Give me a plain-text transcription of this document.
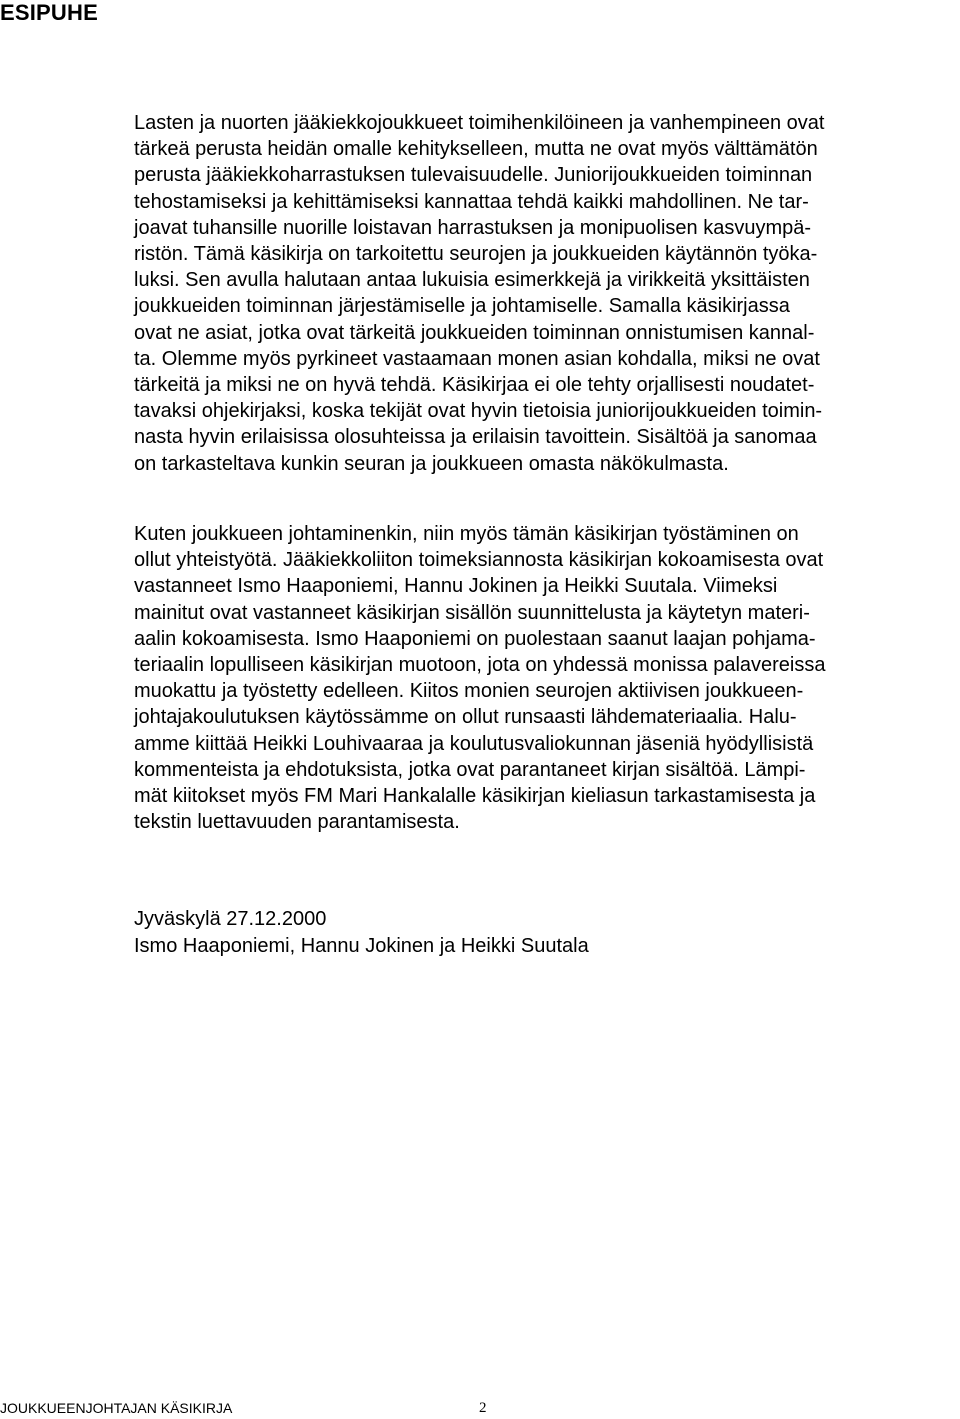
ESIPUHE
Lasten ja nuorten jääkiekkojoukkueet toimihenkilöineen ja vanhempineen ovat
tärkeä perusta heidän omalle kehitykselleen, mutta ne ovat myös välttämätön
perusta jääkiekkoharrastuksen tulevaisuudelle. Juniorijoukkueiden toiminnan
tehostamiseksi ja kehittämiseksi kannattaa tehdä kaikki mahdollinen. Ne tar-
joavat tuhansille nuorille loistavan harrastuksen ja monipuolisen kasvuympä-
ristön. Tämä käsikirja on tarkoitettu seurojen ja joukkueiden käytännön työka-
luksi. Sen avulla halutaan antaa lukuisia esimerkkejä ja virikkeitä yksittäisten
joukkueiden toiminnan järjestämiselle ja johtamiselle. Samalla käsikirjassa
ovat ne asiat, jotka ovat tärkeitä joukkueiden toiminnan onnistumisen kannal-
ta. Olemme myös pyrkineet vastaamaan monen asian kohdalla, miksi ne ovat
tärkeitä ja miksi ne on hyvä tehdä. Käsikirjaa ei ole tehty orjallisesti noudatet-
tavaksi ohjekirjaksi, koska tekijät ovat hyvin tietoisia juniorijoukkueiden toimin-
nasta hyvin erilaisissa olosuhteissa ja erilaisin tavoittein. Sisältöä ja sanomaa
on tarkasteltava kunkin seuran ja joukkueen omasta näkökulmasta.
Kuten joukkueen johtaminenkin, niin myös tämän käsikirjan työstäminen on
ollut yhteistyötä. Jääkiekkoliiton toimeksiannosta käsikirjan kokoamisesta ovat
vastanneet Ismo Haaponiemi, Hannu Jokinen ja Heikki Suutala. Viimeksi
mainitut ovat vastanneet käsikirjan sisällön suunnittelusta ja käytetyn materi-
aalin kokoamisesta. Ismo Haaponiemi on puolestaan saanut laajan pohjama-
teriaalin lopulliseen käsikirjan muotoon, jota on yhdessä monissa palavereissa
muokattu ja työstetty edelleen. Kiitos monien seurojen aktiivisen joukkueen-
johtajakoulutuksen käytössämme on ollut runsaasti lähdemateriaalia. Halu-
amme kiittää Heikki Louhivaaraa ja koulutusvaliokunnan jäseniä hyödyllisistä
kommenteista ja ehdotuksista, jotka ovat parantaneet kirjan sisältöä. Lämpi-
mät kiitokset myös FM Mari Hankalalle käsikirjan kieliasun tarkastamisesta ja
tekstin luettavuuden parantamisesta.
Jyväskylä 27.12.2000
Ismo Haaponiemi, Hannu Jokinen ja Heikki Suutala
JOUKKUEENJOHTAJAN KÄSIKIRJA	2
